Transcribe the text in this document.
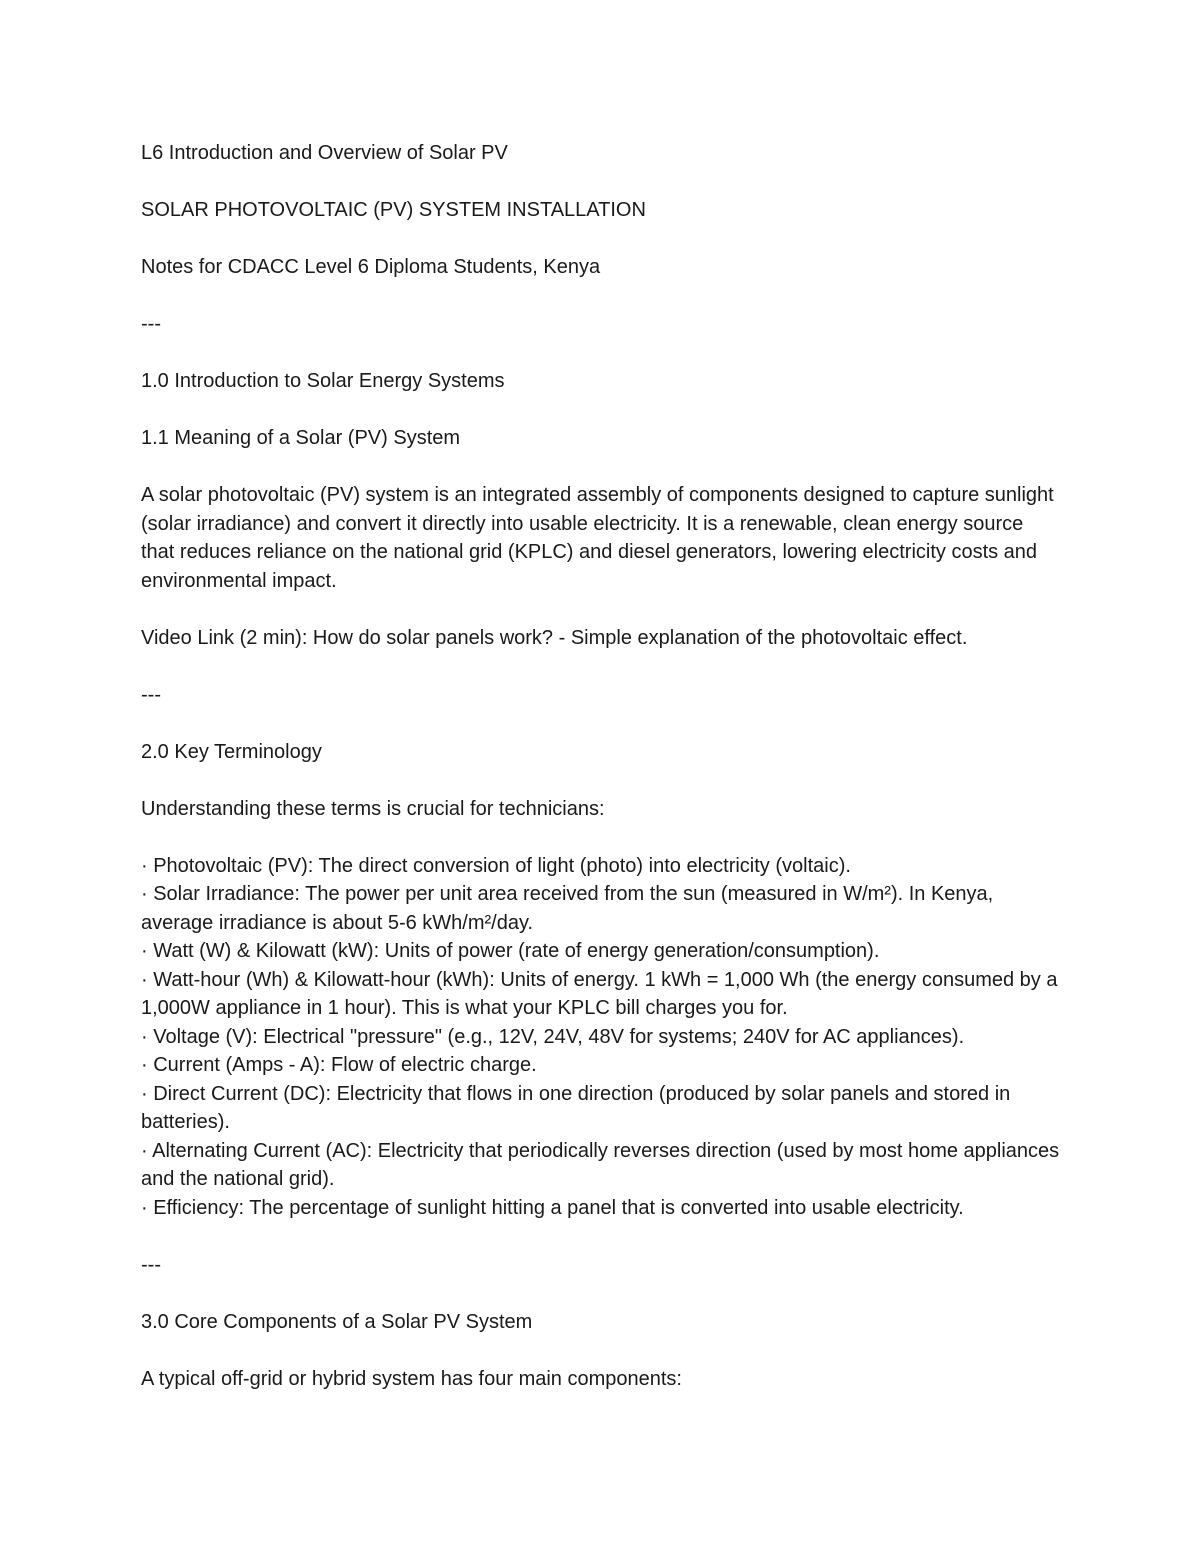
L6 Introduction and Overview of Solar PV

SOLAR PHOTOVOLTAIC (PV) SYSTEM INSTALLATION

Notes for CDACC Level 6 Diploma Students, Kenya

---

1.0 Introduction to Solar Energy Systems

1.1 Meaning of a Solar (PV) System

A solar photovoltaic (PV) system is an integrated assembly of components designed to capture sunlight (solar irradiance) and convert it directly into usable electricity. It is a renewable, clean energy source that reduces reliance on the national grid (KPLC) and diesel generators, lowering electricity costs and environmental impact.

Video Link (2 min): How do solar panels work? - Simple explanation of the photovoltaic effect.

---

2.0 Key Terminology

Understanding these terms is crucial for technicians:

· Photovoltaic (PV): The direct conversion of light (photo) into electricity (voltaic).
· Solar Irradiance: The power per unit area received from the sun (measured in W/m²). In Kenya, average irradiance is about 5-6 kWh/m²/day.
· Watt (W) & Kilowatt (kW): Units of power (rate of energy generation/consumption).
· Watt-hour (Wh) & Kilowatt-hour (kWh): Units of energy. 1 kWh = 1,000 Wh (the energy consumed by a 1,000W appliance in 1 hour). This is what your KPLC bill charges you for.
· Voltage (V): Electrical "pressure" (e.g., 12V, 24V, 48V for systems; 240V for AC appliances).
· Current (Amps - A): Flow of electric charge.
· Direct Current (DC): Electricity that flows in one direction (produced by solar panels and stored in batteries).
· Alternating Current (AC): Electricity that periodically reverses direction (used by most home appliances and the national grid).
· Efficiency: The percentage of sunlight hitting a panel that is converted into usable electricity.

---

3.0 Core Components of a Solar PV System

A typical off-grid or hybrid system has four main components:
